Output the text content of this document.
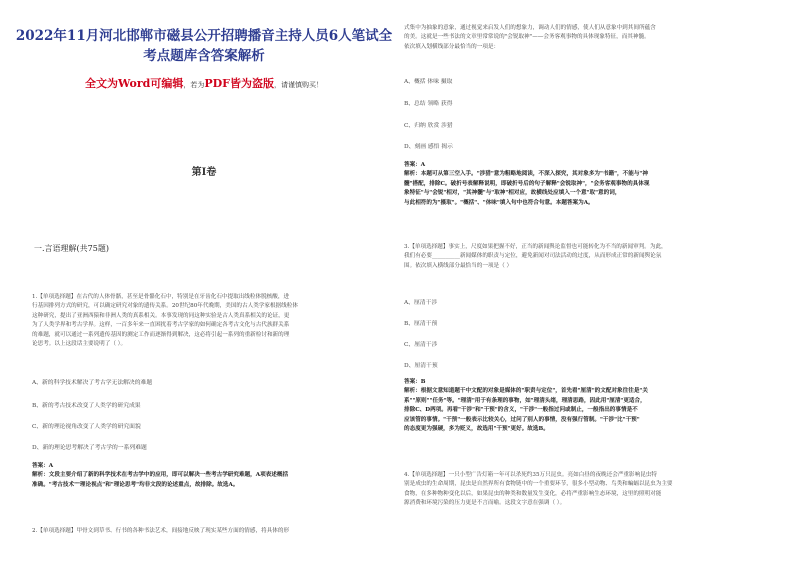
2022年11月河北邯郸市磁县公开招聘播音主持人员6人笔试全
考点题库含答案解析
全文为Word可编辑，若为PDF皆为盗版，请谨慎购买！
第I卷
一.言语理解(共75题)
1.【单项选择题】在古代的人体骨骼，甚至是骨骼化石中，特别是在牙齿化石中提取出线粒体脱核酸，进
行基因排列方式的研究，可以确定研究对象的遗传关系。20世纪80年代晚期，美国的古人类学家根据线粒体
这种研究，提出了亚洲西猿和非洲人类的真系相关。本事发现的同这种实验是古人类真系相关的论证，更
为了人类学界和考古学界。这样，一百多年来一直困扰着考古学家的如何确定各考古文化与古代族群关系
的难题，就可以通过一系列遗传基因的测定工作而逐渐得到解决，这必将引起一系列的重新检讨和新的理
论思考。以上这段话主要说明了（ ）。
A、新的科学技术解决了考古学无法解决的难题
B、新的考古技术改变了人类学的研究成果
C、新的理论视角改变了人类学的研究面貌
D、新的理论思考解决了考古学的一系列难题
答案：A
解析：文段主要介绍了新的科学技术在考古学中的应用，即可以解决一些考古学研究难题，A项表述概括
准确。"考古技术""理论视点"和"理论思考"均非文段的论述重点，故排除。故选A。
2.【单项选择题】甲骨文到草书、行书的各种书法艺术，间接地反映了现实某些方面的情感，将具体的形
式集中为抽象的意象，通过视觉来启发人们的想象力，调动人们的情感，使人们从意象中到其间所蕴含
的美。这就是一些书法的文章里常常说的"会锐取神"——会务客观事物的具体现象特征，而其神髓。
依次填入划横线部分最恰当的一项是：
A、概括 体味 摄取
B、总结 领略 获得
C、归纳 欣赏 涉猎
D、刻画 感悟 揭示
答案：A
解析：本题可从第三空入手。"涉猎"意为粗略地阅读，不深入探究，其对象多为"书籍"，不能与"神
髓"搭配，排除C。破折号表解释说明，即破折号后的句子解释"会锐取神"，"会务客观事物的具体现
象特征"与"会锐"相对，"其神髓"与"取神"相对应，故横线处应填入一个意"取"意的词，
与此相符的为"摄取"。"概括"、"体味"填入句中也符合句意。本题答案为A。
3.【单项选择题】事实上，尺度如果把握不好，正当的新闻舆论监督也可能转化为不当的新闻审判。为此，
我们有必要__________新闻媒体的职责与定位，避免新闻对司法活动的过度，从而形成正常的新闻舆论氛
围。依次填入横线部分最恰当的一项是（ ）
A、厘清干涉
B、厘清干预
C、厘清干涉
D、厘清干预
答案：B
解析：根据文意知道题干中文配的对象是媒体的"职责与定位"，首先看"厘清"的文配对象往往是"关
系""原则""任务"等。"理清"用于有条理的事物，如"理清头绪，理清思路，因此用"厘清"更适合，
排除C、D两项。再看"干涉"和"干预"的含义，"干涉"一般指过问或制止，一般指出的事情是不
应该管的事情。"干预"一般表示比较关心，过问了别人的事情，没有强行管制。"干涉"比"干预"
的态度更为强硬，多为贬义，故选用"干预"更好。故选B。
4.【单项选择题】一只小型广告灯箱一年可以杀死约35万只昆虫。亮如白昼的夜晚还会严重影响昆虫特
别是成虫的生命周期，昆虫是自然界所有食物链中的一个重要环节，很多小型动物、鸟类和蝙蝠以昆虫为主要
食物，在多种物种变化以后，如果昆虫的种类和数量发生变化，必将严重影响生态环境，这里的照明对能
源消费和环境污染的压力更是不言而喻。这段文字意在强调（ ）。
